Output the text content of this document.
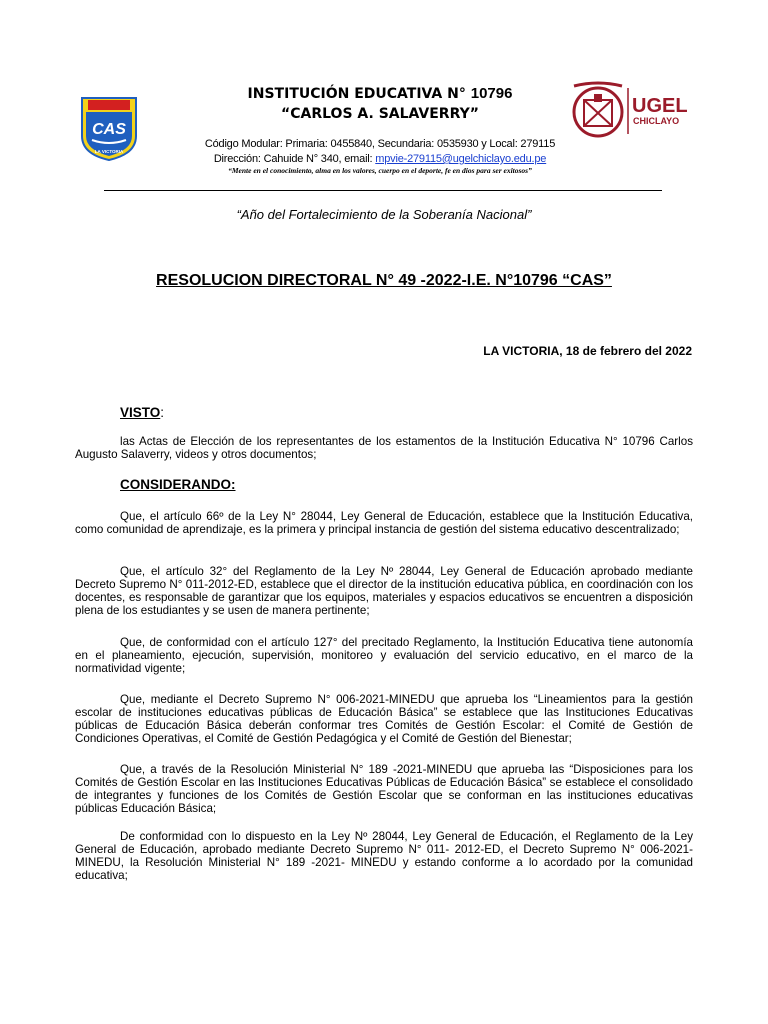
CAS
LA VICTORIA

INSTITUCIÓN EDUCATIVA N° 10796

“CARLOS A. SALAVERRY”

Código Modular: Primaria: 0455840, Secundaria: 0535930 y Local: 279115
Dirección: Cahuide N° 340, email: mpvie-279115@ugelchiclayo.edu.pe
“Mente en el conocimiento, alma en los valores, cuerpo en el deporte, fe en dios para ser exitosos”
UGEL
CHICLAYO
“Año del Fortalecimiento de la Soberanía Nacional”
RESOLUCION DIRECTORAL N° 49 -2022-I.E. N°10796 “CAS”
LA VICTORIA, 18 de febrero del 2022
VISTO:
las Actas de Elección de los representantes de los estamentos de la Institución Educativa N° 10796 Carlos Augusto Salaverry, videos y otros documentos;
CONSIDERANDO:
Que, el artículo 66º de la Ley N° 28044, Ley General de Educación, establece que la Institución Educativa, como comunidad de aprendizaje, es la primera y principal instancia de gestión del sistema educativo descentralizado;
Que, el artículo 32° del Reglamento de la Ley Nº 28044, Ley General de Educación aprobado mediante Decreto Supremo N° 011-2012-ED, establece que el director de la institución educativa pública, en coordinación con los docentes, es responsable de garantizar que los equipos, materiales y espacios educativos se encuentren a disposición plena de los estudiantes y se usen de manera pertinente;
Que, de conformidad con el artículo 127° del precitado Reglamento, la Institución Educativa tiene autonomía en el planeamiento, ejecución, supervisión, monitoreo y evaluación del servicio educativo, en el marco de la normatividad vigente;
Que, mediante el Decreto Supremo N° 006-2021-MINEDU que aprueba los “Lineamientos para la gestión escolar de instituciones educativas públicas de Educación Básica” se establece que las Instituciones Educativas públicas de Educación Básica deberán conformar tres Comités de Gestión Escolar: el Comité de Gestión de Condiciones Operativas, el Comité de Gestión Pedagógica y el Comité de Gestión del Bienestar;
Que, a través de la Resolución Ministerial N° 189 -2021-MINEDU que aprueba las “Disposiciones para los Comités de Gestión Escolar en las Instituciones Educativas Públicas de Educación Básica” se establece el consolidado de integrantes y funciones de los Comités de Gestión Escolar que se conforman en las instituciones educativas públicas Educación Básica;
De conformidad con lo dispuesto en la Ley Nº 28044, Ley General de Educación, el Reglamento de la Ley General de Educación, aprobado mediante Decreto Supremo N° 011- 2012-ED, el Decreto Supremo N° 006-2021-MINEDU, la Resolución Ministerial N° 189 -2021- MINEDU y estando conforme a lo acordado por la comunidad educativa;
